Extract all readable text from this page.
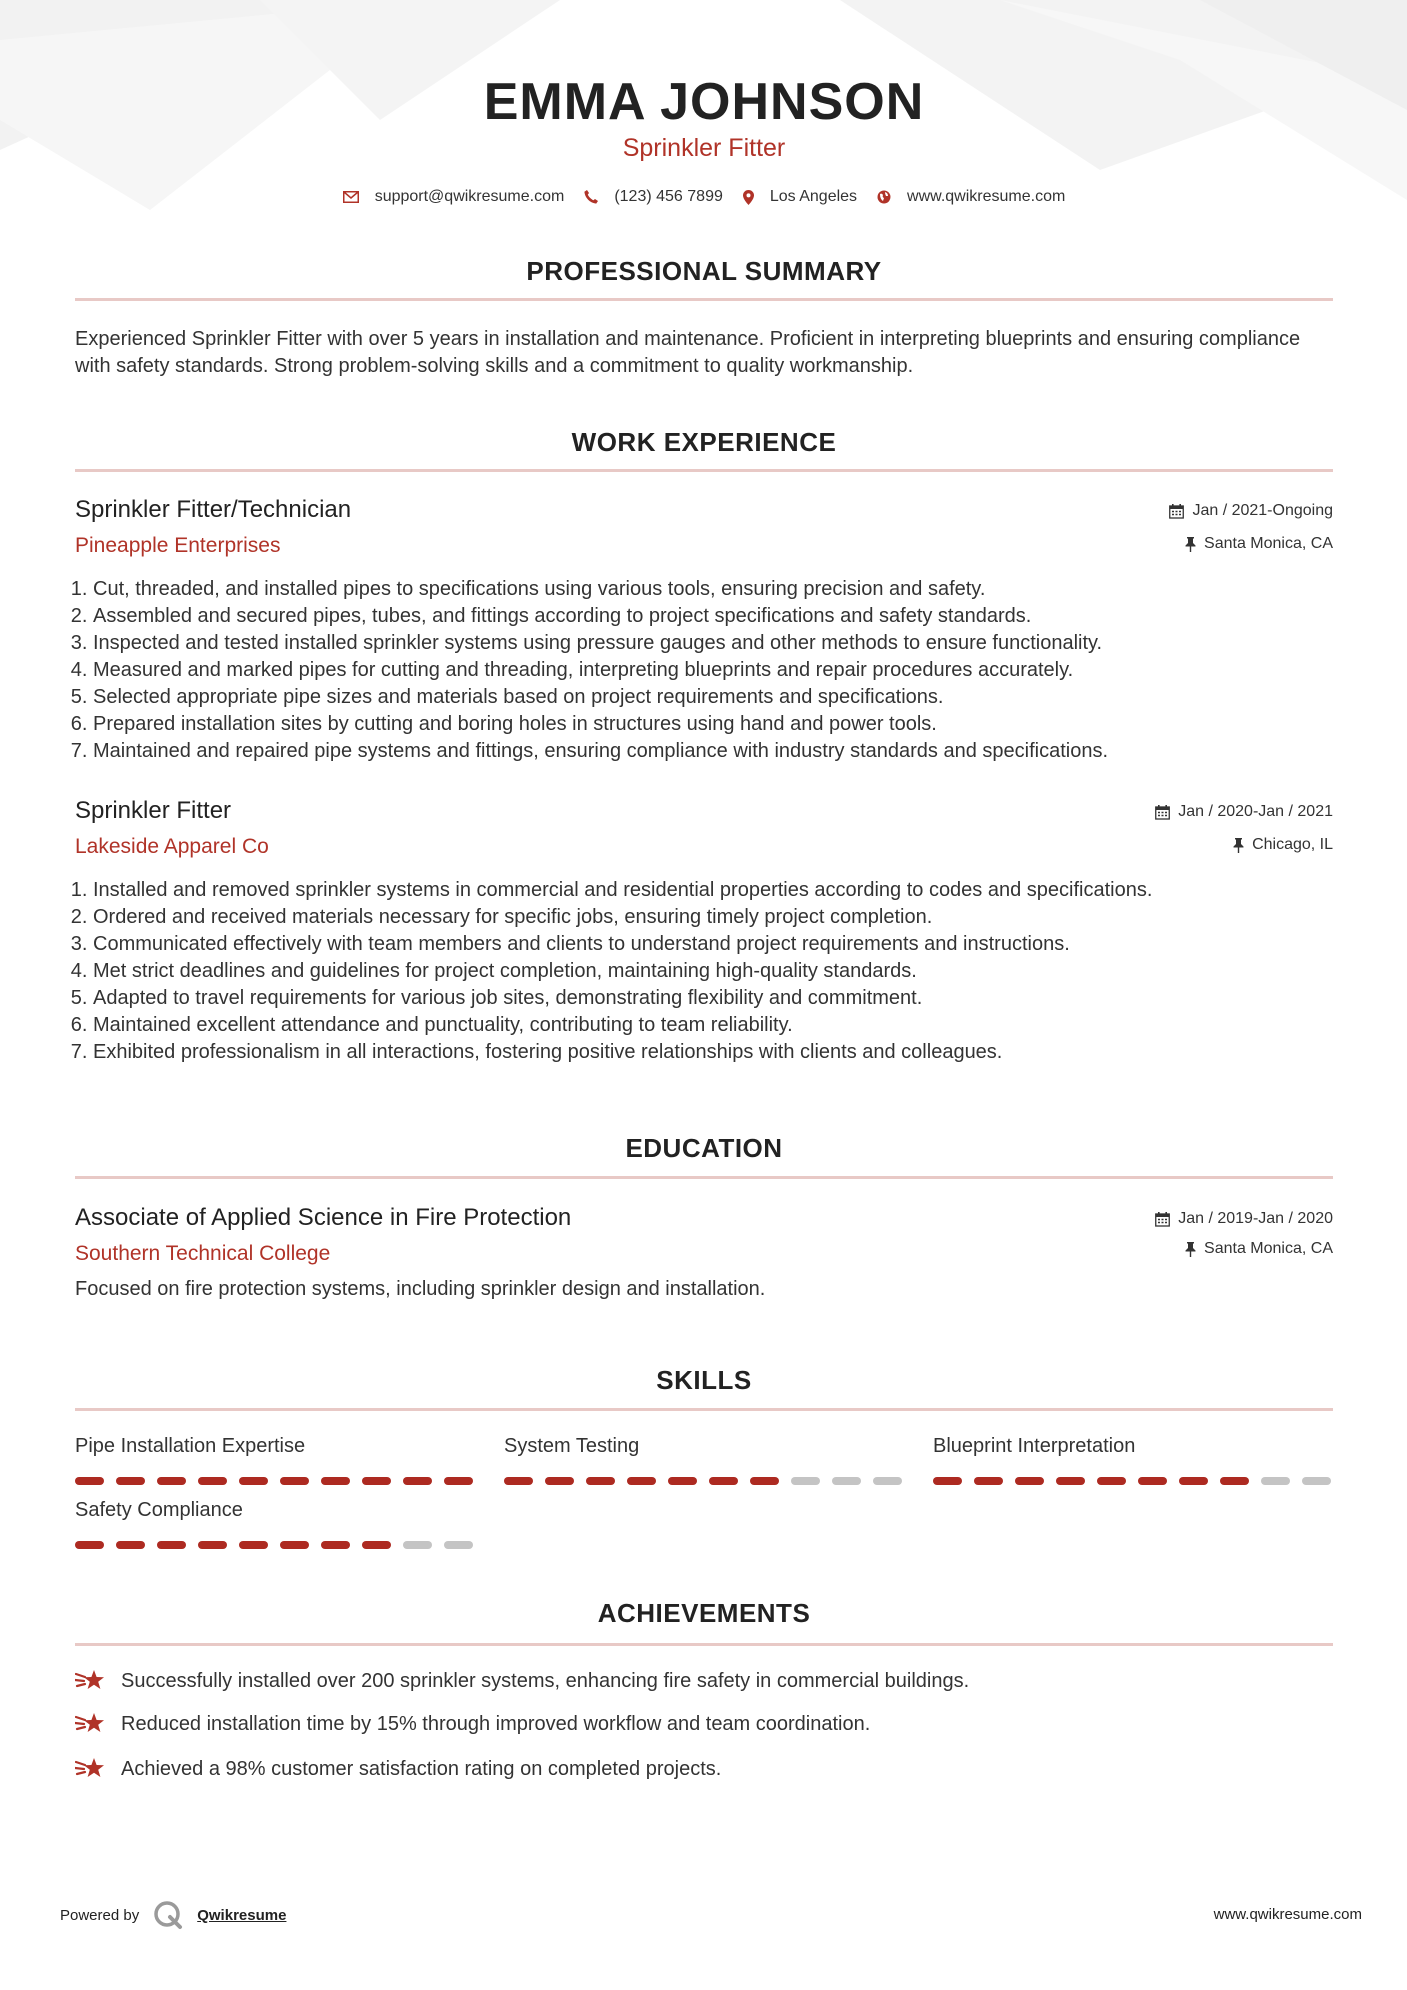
EMMA JOHNSON
Sprinkler Fitter
support@qwikresume.com	(123) 456 7899	Los Angeles	www.qwikresume.com
PROFESSIONAL SUMMARY
Experienced Sprinkler Fitter with over 5 years in installation and maintenance. Proficient in interpreting blueprints and ensuring compliance with safety standards. Strong problem-solving skills and a commitment to quality workmanship.
WORK EXPERIENCE
Sprinkler Fitter/Technician
Pineapple Enterprises
Jan / 2021-Ongoing
Santa Monica, CA
1. Cut, threaded, and installed pipes to specifications using various tools, ensuring precision and safety.
2. Assembled and secured pipes, tubes, and fittings according to project specifications and safety standards.
3. Inspected and tested installed sprinkler systems using pressure gauges and other methods to ensure functionality.
4. Measured and marked pipes for cutting and threading, interpreting blueprints and repair procedures accurately.
5. Selected appropriate pipe sizes and materials based on project requirements and specifications.
6. Prepared installation sites by cutting and boring holes in structures using hand and power tools.
7. Maintained and repaired pipe systems and fittings, ensuring compliance with industry standards and specifications.
Sprinkler Fitter
Lakeside Apparel Co
Jan / 2020-Jan / 2021
Chicago, IL
1. Installed and removed sprinkler systems in commercial and residential properties according to codes and specifications.
2. Ordered and received materials necessary for specific jobs, ensuring timely project completion.
3. Communicated effectively with team members and clients to understand project requirements and instructions.
4. Met strict deadlines and guidelines for project completion, maintaining high-quality standards.
5. Adapted to travel requirements for various job sites, demonstrating flexibility and commitment.
6. Maintained excellent attendance and punctuality, contributing to team reliability.
7. Exhibited professionalism in all interactions, fostering positive relationships with clients and colleagues.
EDUCATION
Associate of Applied Science in Fire Protection
Southern Technical College
Jan / 2019-Jan / 2020
Santa Monica, CA
Focused on fire protection systems, including sprinkler design and installation.
SKILLS
Pipe Installation Expertise	System Testing	Blueprint Interpretation
Safety Compliance
ACHIEVEMENTS
Successfully installed over 200 sprinkler systems, enhancing fire safety in commercial buildings.
Reduced installation time by 15% through improved workflow and team coordination.
Achieved a 98% customer satisfaction rating on completed projects.
Powered by	Qwikresume	www.qwikresume.com
